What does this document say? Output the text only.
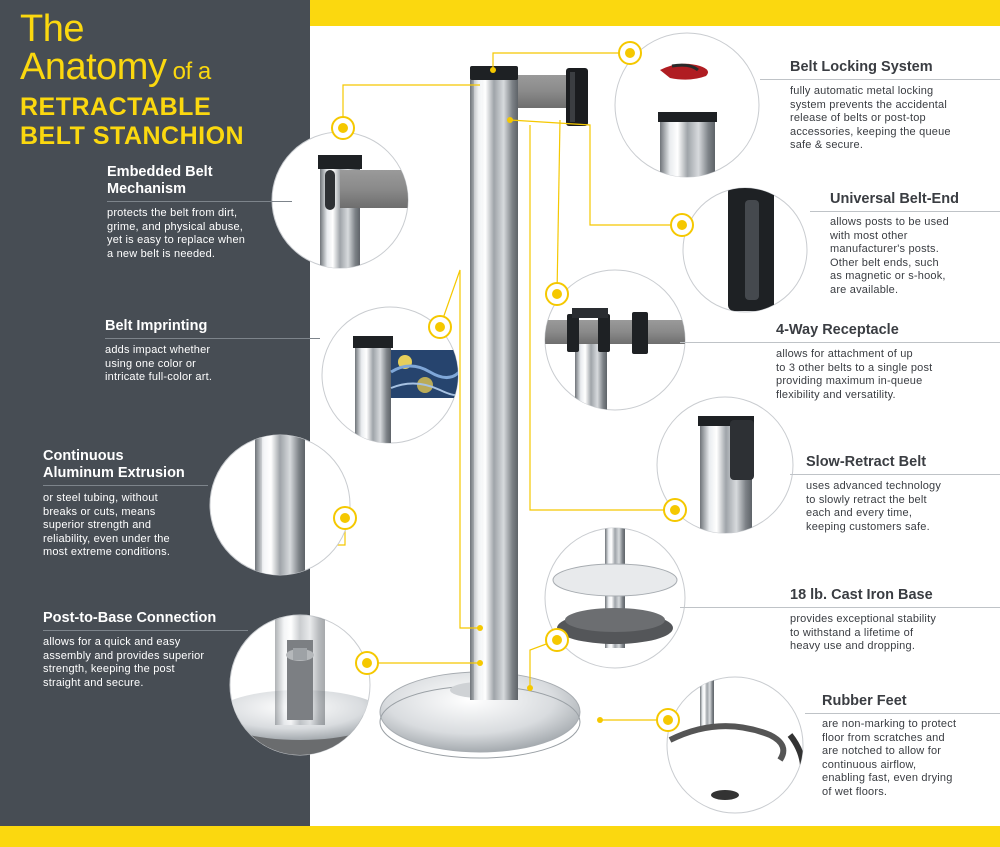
The
Anatomy of a
RETRACTABLE
BELT STANCHION
Embedded Belt
Mechanism
protects the belt from dirt,
grime, and physical abuse,
yet is easy to replace when
a new belt is needed.
Belt Imprinting
adds impact whether
using one color or
intricate full-color art.
Continuous
Aluminum Extrusion
or steel tubing, without
breaks or cuts, means
superior strength and
reliability, even under the
most extreme conditions.
Post-to-Base Connection
allows for a quick and easy
assembly and provides superior
strength, keeping the post
straight and secure.
Belt Locking System
fully automatic metal locking
system prevents the accidental
release of belts or post-top
accessories, keeping the queue
safe & secure.
Universal Belt-End
allows posts to be used
with most other
manufacturer's posts.
Other belt ends, such
as magnetic or s-hook,
are available.
4-Way Receptacle
allows for attachment of up
to 3 other belts to a single post
providing maximum in-queue
flexibility and versatility.
Slow-Retract Belt
uses advanced technology
to slowly retract the belt
each and every time,
keeping customers safe.
18 lb. Cast Iron Base
provides exceptional stability
to withstand a lifetime of
heavy use and dropping.
Rubber Feet
are non-marking to protect
floor from scratches and
are notched to allow for
continuous airflow,
enabling fast, even drying
of wet floors.
